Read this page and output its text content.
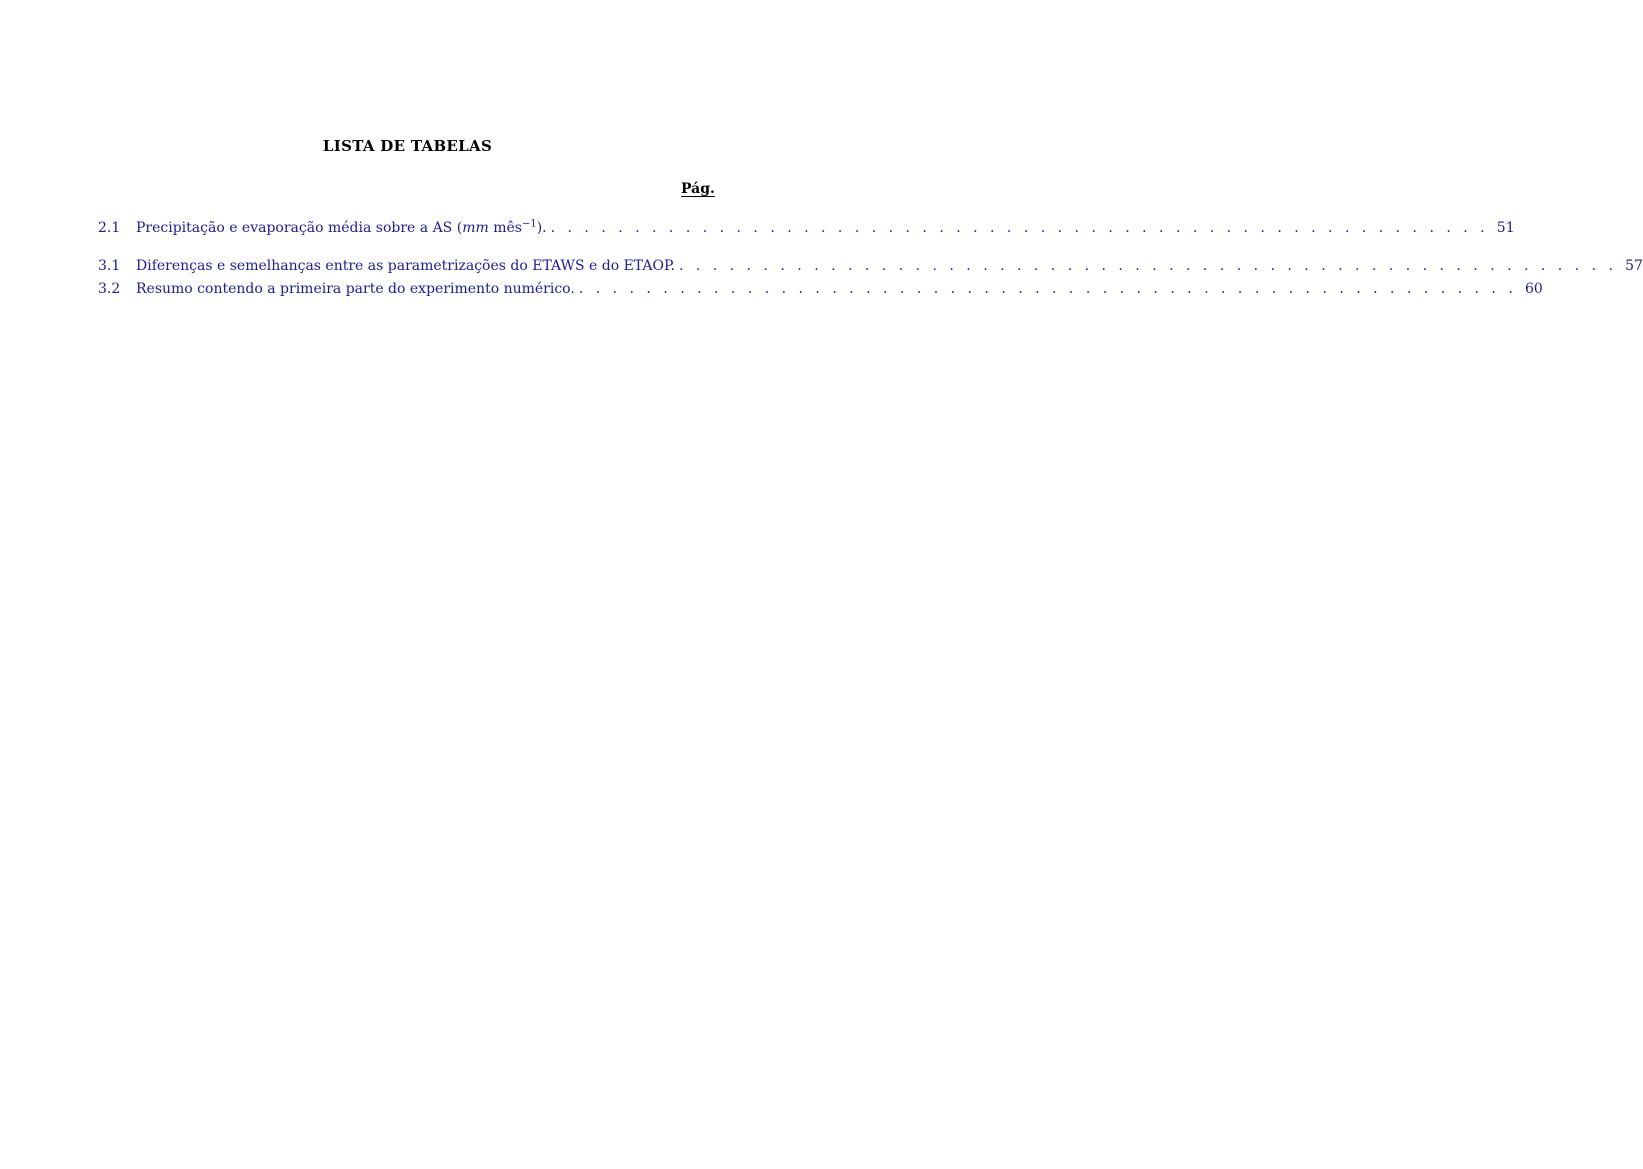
LISTA DE TABELAS
Pág.
2.1	Precipitação e evaporação média sobre a AS (mm mês$^{-1}$). . . .	51
3.1	Diferenças e semelhanças entre as parametrizações do ETAWS e do ETAOP. . . .	57
3.2	Resumo contendo a primeira parte do experimento numérico. . . .	60
